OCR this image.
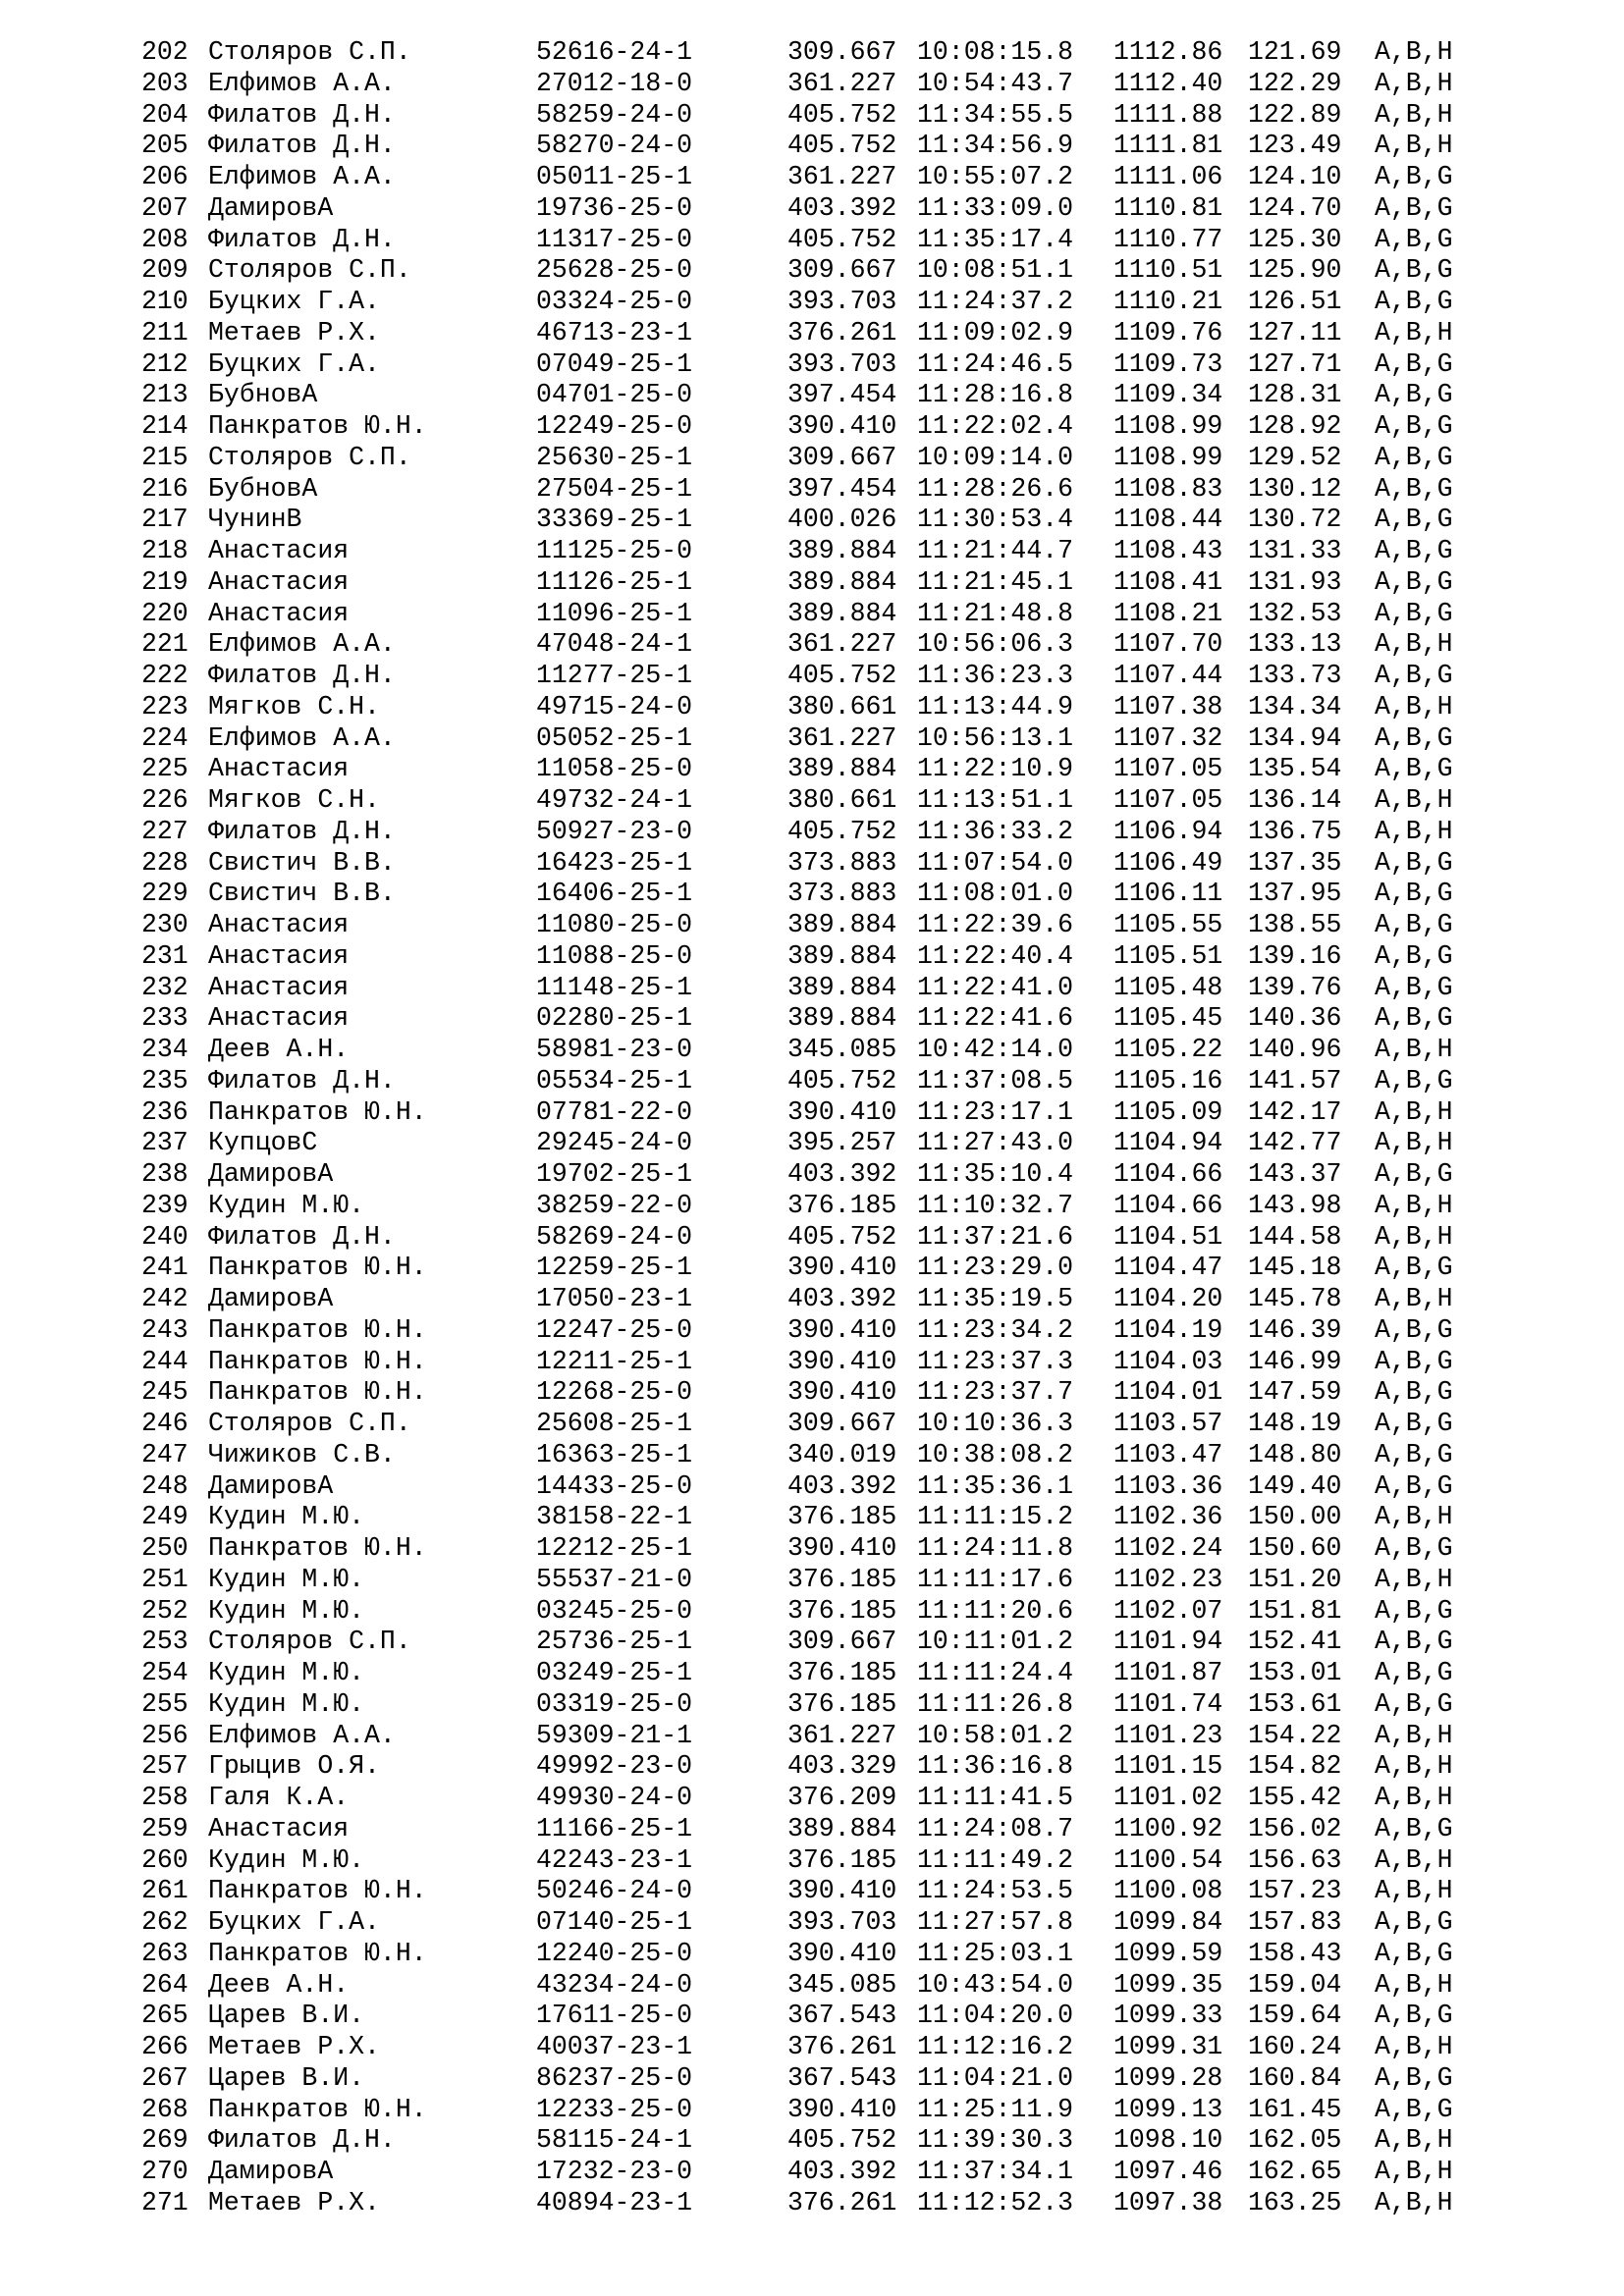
202 Столяров С.П.	52616-24-1	309.667 10:08:15.8 1112.86 121.69 A,B,H
203 Елфимов А.А.	27012-18-0	361.227 10:54:43.7 1112.40 122.29 A,B,H
204 Филатов Д.Н.	58259-24-0	405.752 11:34:55.5 1111.88 122.89 A,B,H
205 Филатов Д.Н.	58270-24-0	405.752 11:34:56.9 1111.81 123.49 A,B,H
206 Елфимов А.А.	05011-25-1	361.227 10:55:07.2 1111.06 124.10 A,B,G
207 ДамировА	19736-25-0	403.392 11:33:09.0 1110.81 124.70 A,B,G
208 Филатов Д.Н.	11317-25-0	405.752 11:35:17.4 1110.77 125.30 A,B,G
209 Столяров С.П.	25628-25-0	309.667 10:08:51.1 1110.51 125.90 A,B,G
210 Буцких Г.А.	03324-25-0	393.703 11:24:37.2 1110.21 126.51 A,B,G
211 Метаев Р.Х.	46713-23-1	376.261 11:09:02.9 1109.76 127.11 A,B,H
212 Буцких Г.А.	07049-25-1	393.703 11:24:46.5 1109.73 127.71 A,B,G
213 БубновА	04701-25-0	397.454 11:28:16.8 1109.34 128.31 A,B,G
214 Панкратов Ю.Н.	12249-25-0	390.410 11:22:02.4 1108.99 128.92 A,B,G
215 Столяров С.П.	25630-25-1	309.667 10:09:14.0 1108.99 129.52 A,B,G
216 БубновА	27504-25-1	397.454 11:28:26.6 1108.83 130.12 A,B,G
217 ЧунинВ	33369-25-1	400.026 11:30:53.4 1108.44 130.72 A,B,G
218 Анастасия	11125-25-0	389.884 11:21:44.7 1108.43 131.33 A,B,G
219 Анастасия	11126-25-1	389.884 11:21:45.1 1108.41 131.93 A,B,G
220 Анастасия	11096-25-1	389.884 11:21:48.8 1108.21 132.53 A,B,G
221 Елфимов А.А.	47048-24-1	361.227 10:56:06.3 1107.70 133.13 A,B,H
222 Филатов Д.Н.	11277-25-1	405.752 11:36:23.3 1107.44 133.73 A,B,G
223 Мягков С.Н.	49715-24-0	380.661 11:13:44.9 1107.38 134.34 A,B,H
224 Елфимов А.А.	05052-25-1	361.227 10:56:13.1 1107.32 134.94 A,B,G
225 Анастасия	11058-25-0	389.884 11:22:10.9 1107.05 135.54 A,B,G
226 Мягков С.Н.	49732-24-1	380.661 11:13:51.1 1107.05 136.14 A,B,H
227 Филатов Д.Н.	50927-23-0	405.752 11:36:33.2 1106.94 136.75 A,B,H
228 Свистич В.В.	16423-25-1	373.883 11:07:54.0 1106.49 137.35 A,B,G
229 Свистич В.В.	16406-25-1	373.883 11:08:01.0 1106.11 137.95 A,B,G
230 Анастасия	11080-25-0	389.884 11:22:39.6 1105.55 138.55 A,B,G
231 Анастасия	11088-25-0	389.884 11:22:40.4 1105.51 139.16 A,B,G
232 Анастасия	11148-25-1	389.884 11:22:41.0 1105.48 139.76 A,B,G
233 Анастасия	02280-25-1	389.884 11:22:41.6 1105.45 140.36 A,B,G
234 Деев А.Н.	58981-23-0	345.085 10:42:14.0 1105.22 140.96 A,B,H
235 Филатов Д.Н.	05534-25-1	405.752 11:37:08.5 1105.16 141.57 A,B,G
236 Панкратов Ю.Н.	07781-22-0	390.410 11:23:17.1 1105.09 142.17 A,B,H
237 КупцовС	29245-24-0	395.257 11:27:43.0 1104.94 142.77 A,B,H
238 ДамировА	19702-25-1	403.392 11:35:10.4 1104.66 143.37 A,B,G
239 Кудин М.Ю.	38259-22-0	376.185 11:10:32.7 1104.66 143.98 A,B,H
240 Филатов Д.Н.	58269-24-0	405.752 11:37:21.6 1104.51 144.58 A,B,H
241 Панкратов Ю.Н.	12259-25-1	390.410 11:23:29.0 1104.47 145.18 A,B,G
242 ДамировА	17050-23-1	403.392 11:35:19.5 1104.20 145.78 A,B,H
243 Панкратов Ю.Н.	12247-25-0	390.410 11:23:34.2 1104.19 146.39 A,B,G
244 Панкратов Ю.Н.	12211-25-1	390.410 11:23:37.3 1104.03 146.99 A,B,G
245 Панкратов Ю.Н.	12268-25-0	390.410 11:23:37.7 1104.01 147.59 A,B,G
246 Столяров С.П.	25608-25-1	309.667 10:10:36.3 1103.57 148.19 A,B,G
247 Чижиков С.В.	16363-25-1	340.019 10:38:08.2 1103.47 148.80 A,B,G
248 ДамировА	14433-25-0	403.392 11:35:36.1 1103.36 149.40 A,B,G
249 Кудин М.Ю.	38158-22-1	376.185 11:11:15.2 1102.36 150.00 A,B,H
250 Панкратов Ю.Н.	12212-25-1	390.410 11:24:11.8 1102.24 150.60 A,B,G
251 Кудин М.Ю.	55537-21-0	376.185 11:11:17.6 1102.23 151.20 A,B,H
252 Кудин М.Ю.	03245-25-0	376.185 11:11:20.6 1102.07 151.81 A,B,G
253 Столяров С.П.	25736-25-1	309.667 10:11:01.2 1101.94 152.41 A,B,G
254 Кудин М.Ю.	03249-25-1	376.185 11:11:24.4 1101.87 153.01 A,B,G
255 Кудин М.Ю.	03319-25-0	376.185 11:11:26.8 1101.74 153.61 A,B,G
256 Елфимов А.А.	59309-21-1	361.227 10:58:01.2 1101.23 154.22 A,B,H
257 Грыцив О.Я.	49992-23-0	403.329 11:36:16.8 1101.15 154.82 A,B,H
258 Галя К.А.	49930-24-0	376.209 11:11:41.5 1101.02 155.42 A,B,H
259 Анастасия	11166-25-1	389.884 11:24:08.7 1100.92 156.02 A,B,G
260 Кудин М.Ю.	42243-23-1	376.185 11:11:49.2 1100.54 156.63 A,B,H
261 Панкратов Ю.Н.	50246-24-0	390.410 11:24:53.5 1100.08 157.23 A,B,H
262 Буцких Г.А.	07140-25-1	393.703 11:27:57.8 1099.84 157.83 A,B,G
263 Панкратов Ю.Н.	12240-25-0	390.410 11:25:03.1 1099.59 158.43 A,B,G
264 Деев А.Н.	43234-24-0	345.085 10:43:54.0 1099.35 159.04 A,B,H
265 Царев В.И.	17611-25-0	367.543 11:04:20.0 1099.33 159.64 A,B,G
266 Метаев Р.Х.	40037-23-1	376.261 11:12:16.2 1099.31 160.24 A,B,H
267 Царев В.И.	86237-25-0	367.543 11:04:21.0 1099.28 160.84 A,B,G
268 Панкратов Ю.Н.	12233-25-0	390.410 11:25:11.9 1099.13 161.45 A,B,G
269 Филатов Д.Н.	58115-24-1	405.752 11:39:30.3 1098.10 162.05 A,B,H
270 ДамировА	17232-23-0	403.392 11:37:34.1 1097.46 162.65 A,B,H
271 Метаев Р.Х.	40894-23-1	376.261 11:12:52.3 1097.38 163.25 A,B,H
